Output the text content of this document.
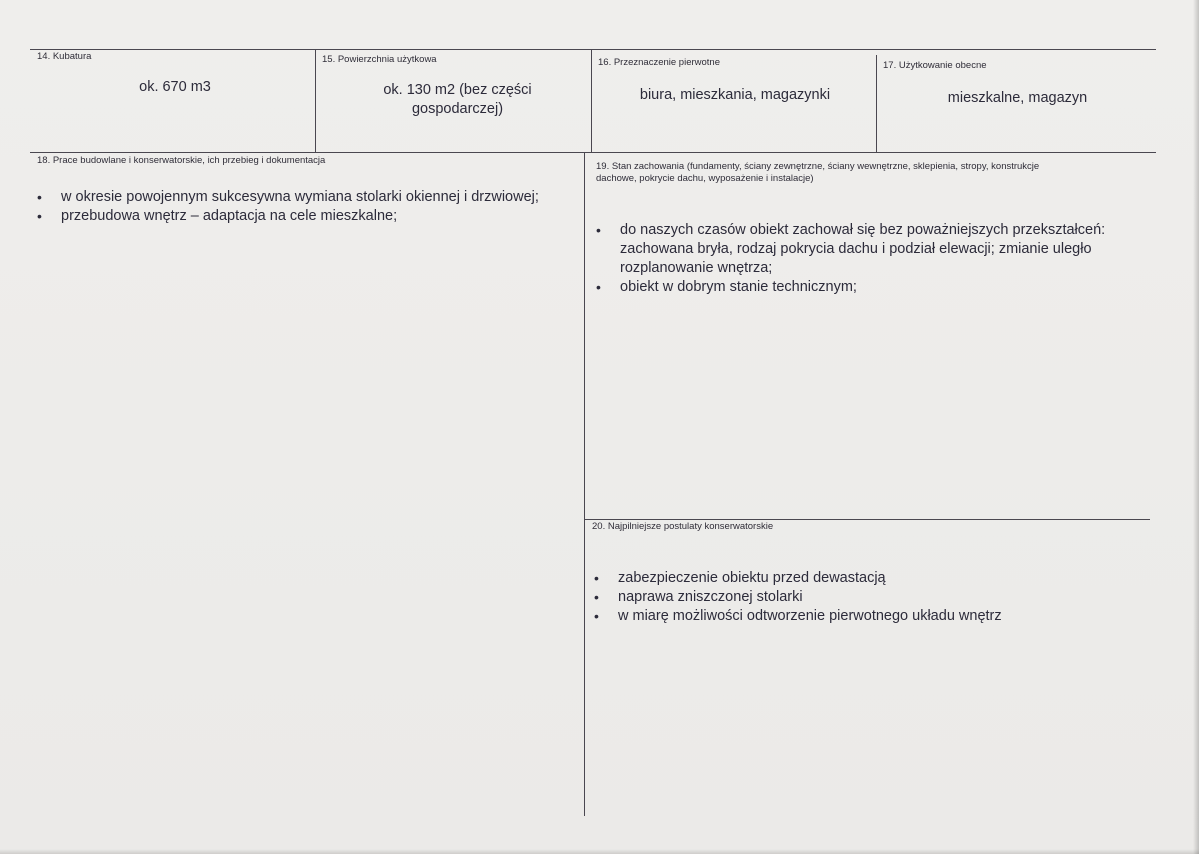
14. Kubatura
ok. 670 m3
15. Powierzchnia użytkowa
ok. 130 m2 (bez części gospodarczej)
16. Przeznaczenie pierwotne
biura, mieszkania, magazynki
17. Użytkowanie obecne
mieszkalne, magazyn
18. Prace budowlane i konserwatorskie, ich przebieg i dokumentacja
• w okresie powojennym sukcesywna wymiana stolarki okiennej i drzwiowej;
• przebudowa wnętrz – adaptacja na cele mieszkalne;
19. Stan zachowania (fundamenty, ściany zewnętrzne, ściany wewnętrzne, sklepienia, stropy, konstrukcje dachowe, pokrycie dachu, wyposażenie i instalacje)
• do naszych czasów obiekt zachował się bez poważniejszych przekształceń: zachowana bryła, rodzaj pokrycia dachu i podział elewacji; zmianie uległo rozplanowanie wnętrza;
• obiekt w dobrym stanie technicznym;
20. Najpilniejsze postulaty konserwatorskie
• zabezpieczenie obiektu przed dewastacją
• naprawa zniszczonej stolarki
• w miarę możliwości odtworzenie pierwotnego układu wnętrz
